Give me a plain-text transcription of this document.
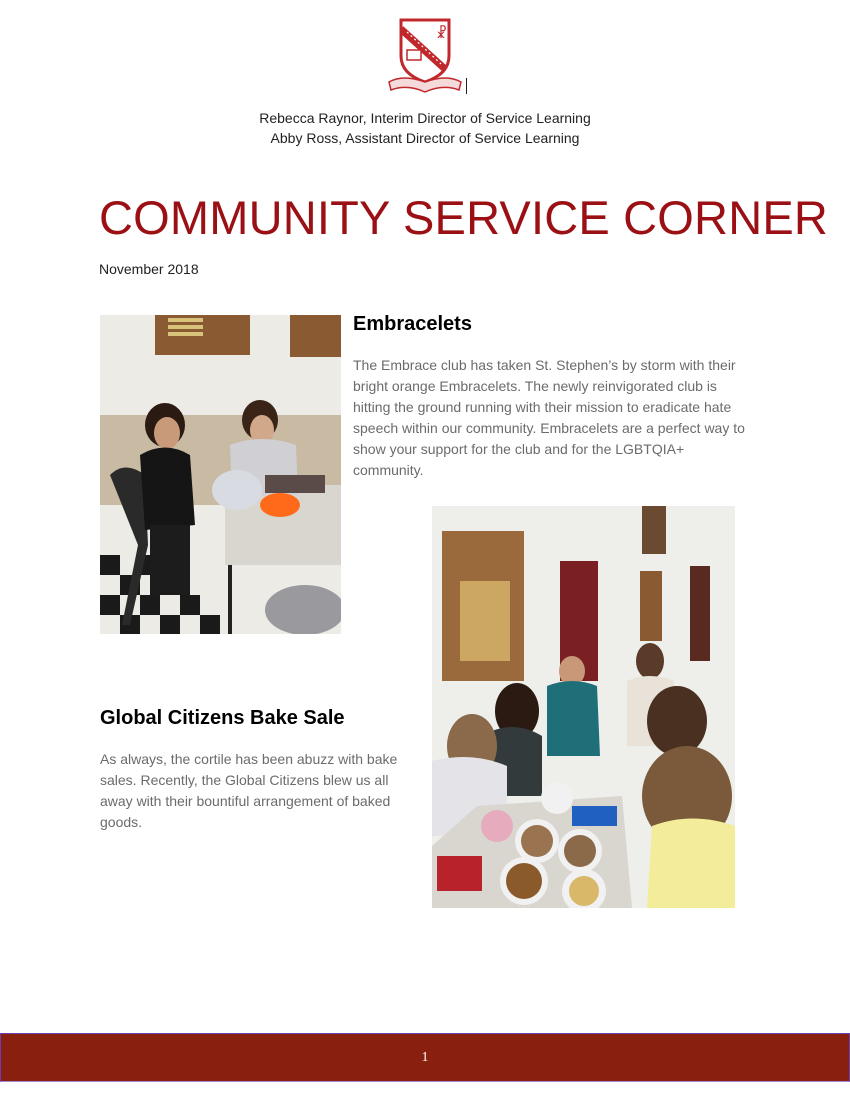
☧
Rebecca Raynor, Interim Director of Service Learning
Abby Ross, Assistant Director of Service Learning
COMMUNITY SERVICE CORNER
November 2018
Embracelets
The Embrace club has taken St. Stephen’s by storm with their bright orange Embracelets. The newly reinvigorated club is hitting the ground running with their mission to eradicate hate speech within our community. Embracelets are a perfect way to show your support for the club and for the LGBTQIA+ community.
Global Citizens Bake Sale
As always, the cortile has been abuzz with bake sales. Recently, the Global Citizens blew us all away with their bountiful arrangement of baked goods.
1
